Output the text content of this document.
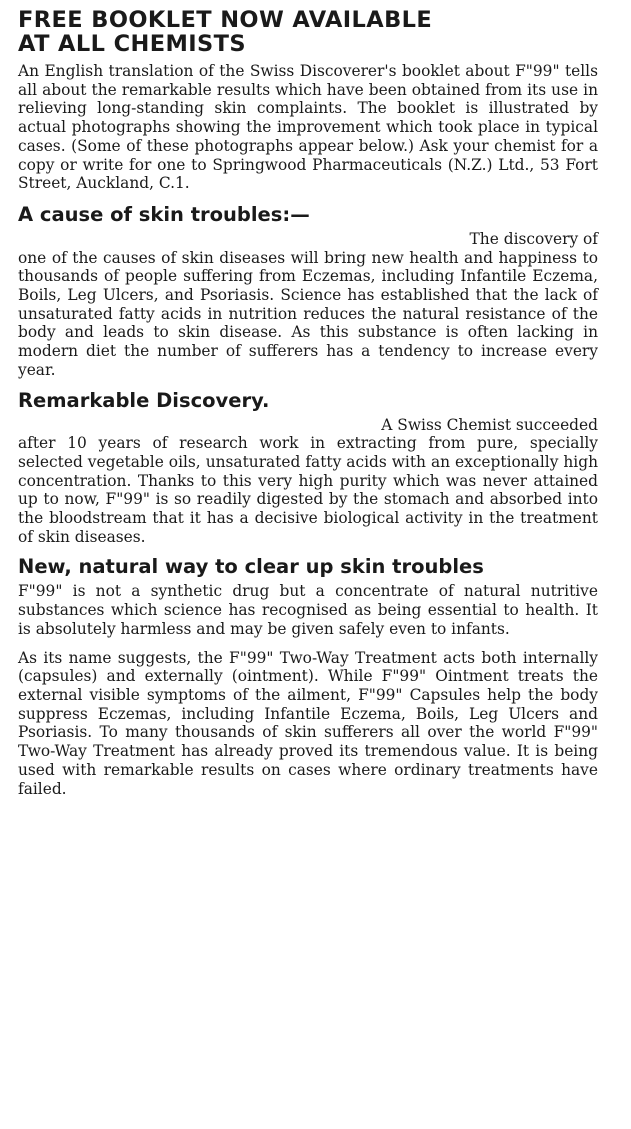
FREE BOOKLET NOW AVAILABLE
AT ALL CHEMISTS

An English translation of the Swiss Discoverer's booklet about F"99" tells all about the remarkable results which have been obtained from its use in relieving long-standing skin complaints. The booklet is illustrated by actual photographs showing the improvement which took place in typical cases. (Some of these photographs appear below.) Ask your chemist for a copy or write for one to Springwood Pharmaceuticals (N.Z.) Ltd., 53 Fort Street, Auckland, C.1.

A cause of skin troubles:—

The discovery of
one of the causes of skin diseases will bring new health and happiness to thousands of people suffering from Eczemas, including Infantile Eczema, Boils, Leg Ulcers, and Psoriasis. Science has established that the lack of unsaturated fatty acids in nutrition reduces the natural resistance of the body and leads to skin disease. As this substance is often lacking in modern diet the number of sufferers has a tendency to increase every year.

Remarkable Discovery.

A Swiss Chemist succeeded
after 10 years of research work in extracting from pure, specially selected vegetable oils, unsaturated fatty acids with an exceptionally high concentration. Thanks to this very high purity which was never attained up to now, F"99" is so readily digested by the stomach and absorbed into the bloodstream that it has a decisive biological activity in the treatment of skin diseases.

New, natural way to clear up skin troubles

F"99" is not a synthetic drug but a concentrate of natural nutritive substances which science has recognised as being essential to health. It is absolutely harmless and may be given safely even to infants.

As its name suggests, the F"99" Two-Way Treatment acts both internally (capsules) and externally (ointment). While F"99" Ointment treats the external visible symptoms of the ailment, F"99" Capsules help the body suppress Eczemas, including Infantile Eczema, Boils, Leg Ulcers and Psoriasis. To many thousands of skin sufferers all over the world F"99" Two-Way Treatment has already proved its tremendous value. It is being used with remarkable results on cases where ordinary treatments have failed.
